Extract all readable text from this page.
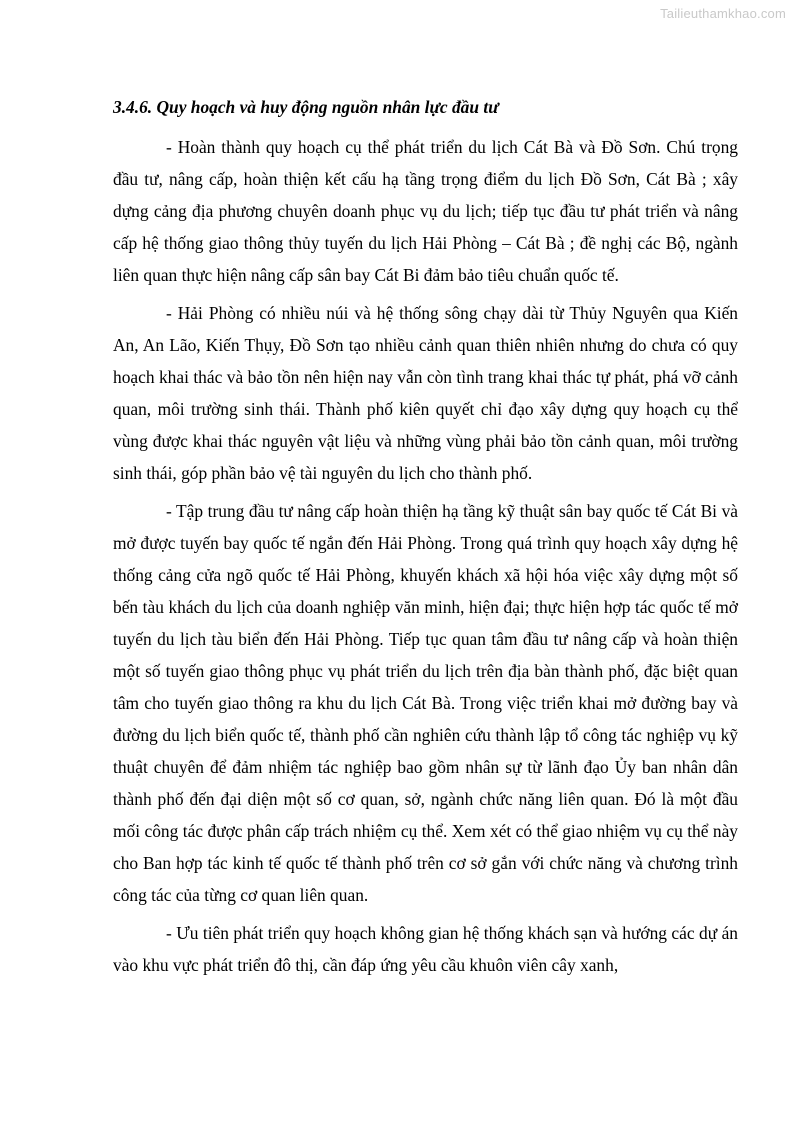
Tailieuthamkhao.com
3.4.6. Quy hoạch và huy động nguồn nhân lực đầu tư

- Hoàn thành quy hoạch cụ thể phát triển du lịch Cát Bà và Đồ Sơn. Chú trọng đầu tư, nâng cấp, hoàn thiện kết cấu hạ tầng trọng điểm du lịch Đồ Sơn, Cát Bà ; xây dựng cảng địa phương chuyên doanh phục vụ du lịch; tiếp tục đầu tư phát triển và nâng cấp hệ thống giao thông thủy tuyến du lịch Hải Phòng – Cát Bà ; đề nghị các Bộ, ngành liên quan thực hiện nâng cấp sân bay Cát Bi đảm bảo tiêu chuẩn quốc tế.

- Hải Phòng có nhiều núi và hệ thống sông chạy dài từ Thủy Nguyên qua Kiến An, An Lão, Kiến Thụy, Đồ Sơn tạo nhiều cảnh quan thiên nhiên nhưng do chưa có quy hoạch khai thác và bảo tồn nên hiện nay vẫn còn tình trang khai thác tự phát, phá vỡ cảnh quan, môi trường sinh thái. Thành phố kiên quyết chỉ đạo xây dựng quy hoạch cụ thể vùng được khai thác nguyên vật liệu và những vùng phải bảo tồn cảnh quan, môi trường sinh thái, góp phần bảo vệ tài nguyên du lịch cho thành phố.

- Tập trung đầu tư nâng cấp hoàn thiện hạ tầng kỹ thuật sân bay quốc tế Cát Bi và mở được tuyến bay quốc tế ngắn đến Hải Phòng. Trong quá trình quy hoạch xây dựng hệ thống cảng cửa ngõ quốc tế Hải Phòng, khuyến khách xã hội hóa việc xây dựng một số bến tàu khách du lịch của doanh nghiệp văn minh, hiện đại; thực hiện hợp tác quốc tế mở tuyến du lịch tàu biển đến Hải Phòng. Tiếp tục quan tâm đầu tư nâng cấp và hoàn thiện một số tuyến giao thông phục vụ phát triển du lịch trên địa bàn thành phố, đặc biệt quan tâm cho tuyến giao thông ra khu du lịch Cát Bà. Trong việc triển khai mở đường bay và đường du lịch biển quốc tế, thành phố cần nghiên cứu thành lập tổ công tác nghiệp vụ kỹ thuật chuyên để đảm nhiệm tác nghiệp bao gồm nhân sự từ lãnh đạo Ủy ban nhân dân thành phố đến đại diện một số cơ quan, sở, ngành chức năng liên quan. Đó là một đầu mối công tác được phân cấp trách nhiệm cụ thể. Xem xét có thể giao nhiệm vụ cụ thể này cho Ban hợp tác kinh tế quốc tế thành phố trên cơ sở gắn với chức năng và chương trình công tác của từng cơ quan liên quan.

- Ưu tiên phát triển quy hoạch không gian hệ thống khách sạn và hướng các dự án vào khu vực phát triển đô thị, cần đáp ứng yêu cầu khuôn viên cây xanh,
